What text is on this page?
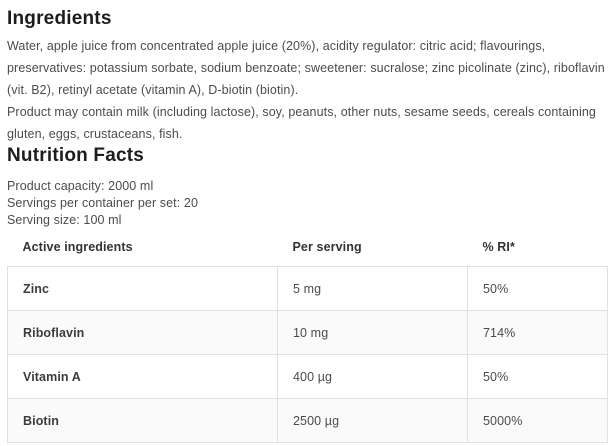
Ingredients

Water, apple juice from concentrated apple juice (20%), acidity regulator: citric acid; flavourings, preservatives: potassium sorbate, sodium benzoate; sweetener: sucralose; zinc picolinate (zinc), riboflavin (vit. B2), retinyl acetate (vitamin A), D-biotin (biotin).

Product may contain milk (including lactose), soy, peanuts, other nuts, sesame seeds, cereals containing gluten, eggs, crustaceans, fish.

Nutrition Facts

Product capacity: 2000 ml

Servings per container per set: 20

Serving size: 100 ml

Active ingredients	Per serving	% RI*
Zinc	5 mg	50%
Riboflavin	10 mg	714%
Vitamin A	400 µg	50%
Biotin	2500 µg	5000%
